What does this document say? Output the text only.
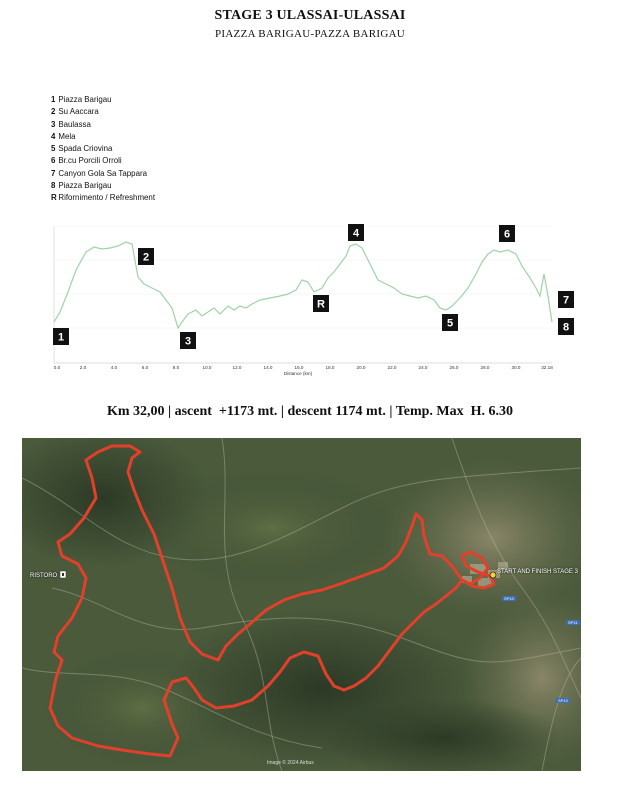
STAGE 3 ULASSAI-ULASSAI
PIAZZA BARIGAU-PAZZA BARIGAU
1 Piazza Barigau
2 Su Aaccara
3 Baulassa
4 Mela
5 Spada Criovina
6 Br.cu Porcili Orroli
7 Canyon Gola Sa Tappara
8 Piazza Barigau
R Rifornimento / Refreshment
0.0	2.0	4.0	6.0	8.0	10.0	12.0	14.0	16.0	18.0	20.0	22.0	24.0	26.0	28.0	30.0	32.18
Distance (km)
1
2
3
R
4
5
6
7
8
Km 32,00 | ascent  +1173 mt. | descent 1174 mt. | Temp. Max  H. 6.30
RISTORO
START AND FINISH STAGE 3
SP13
SP11
SP13
Image © 2024 Airbus
